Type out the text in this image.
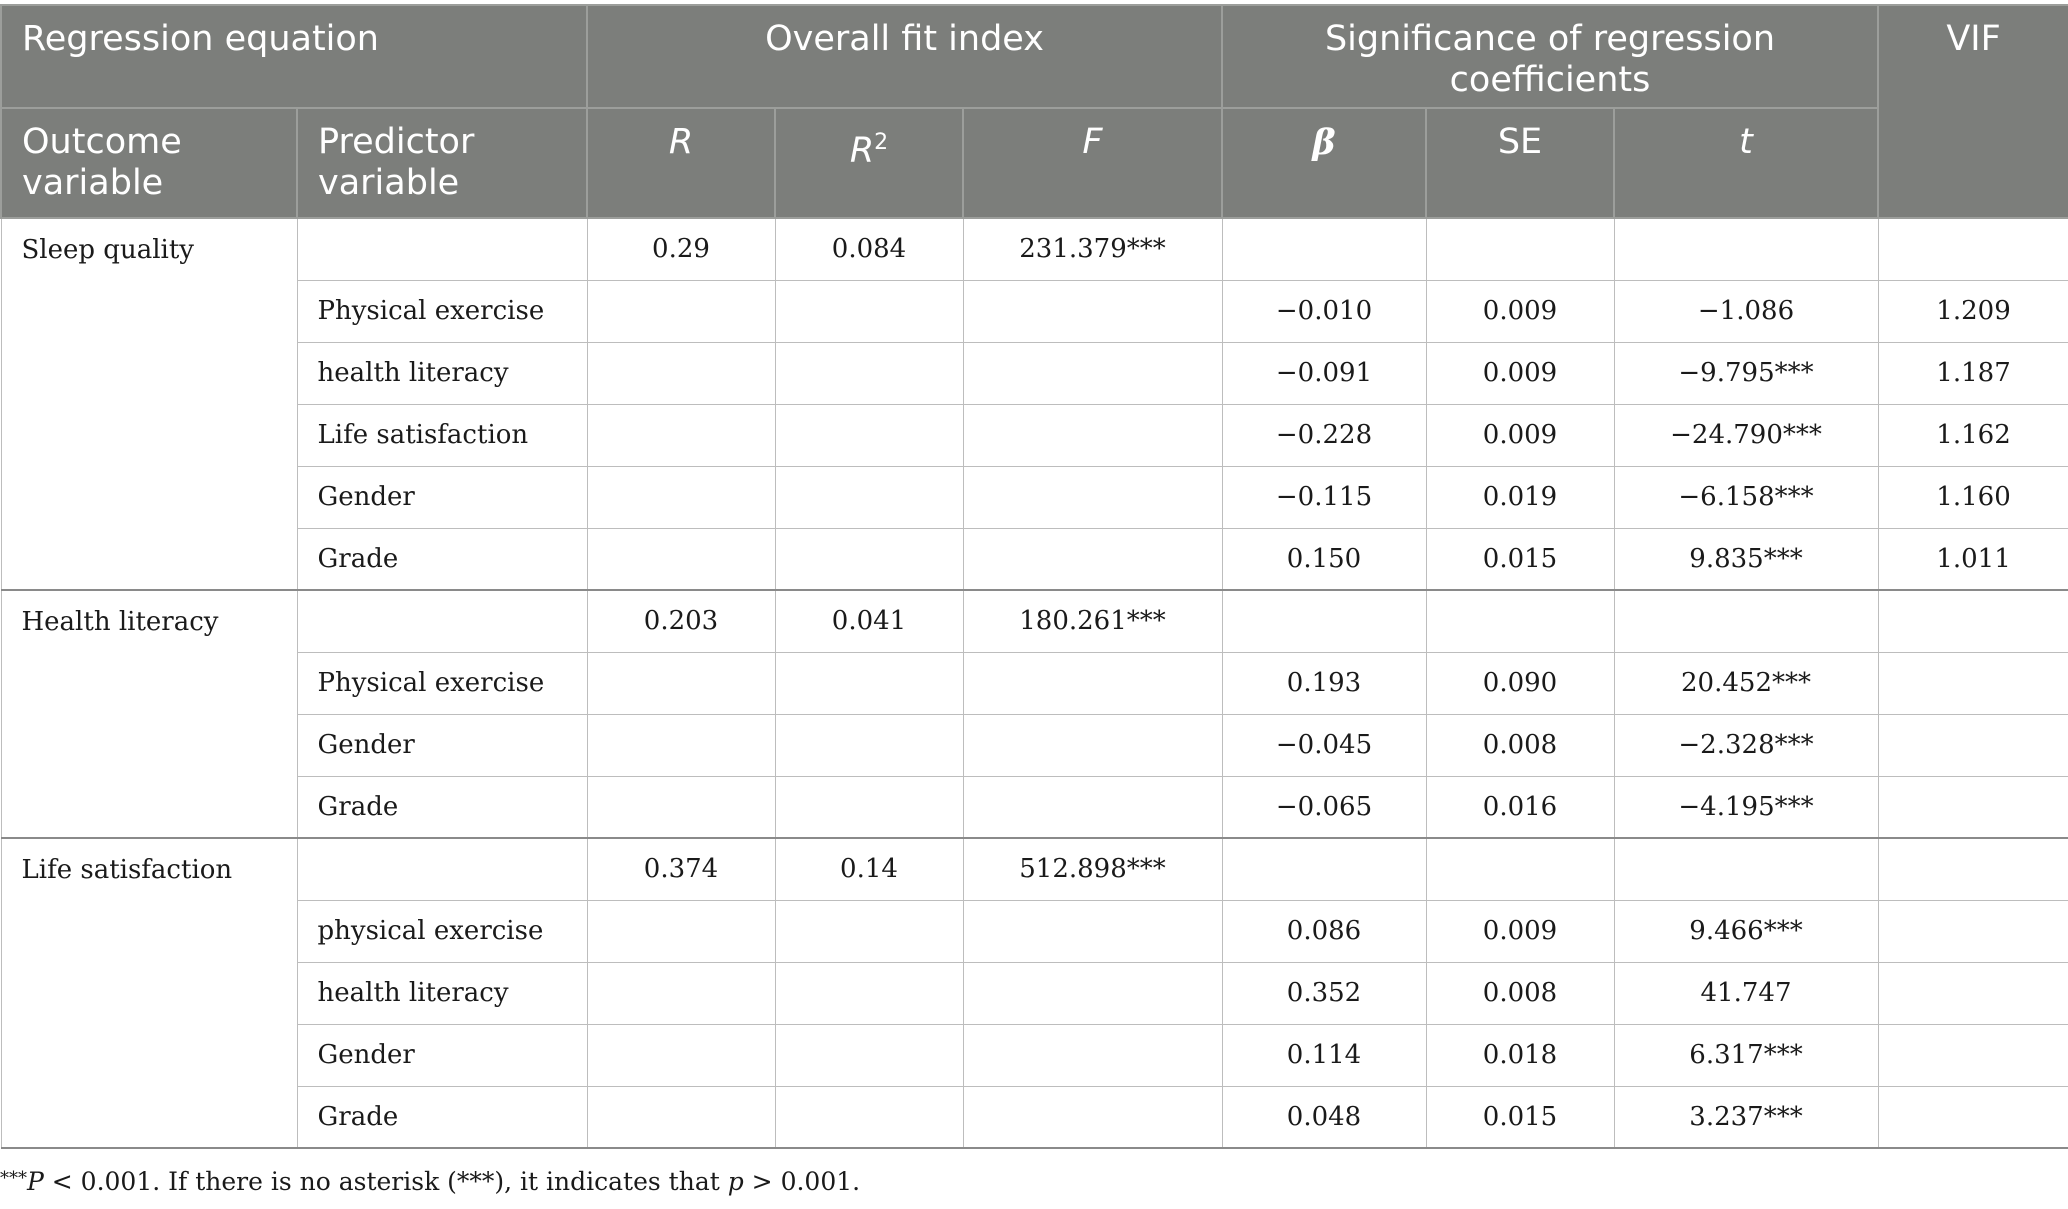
Regression equation		Overall fit index			Significance of regression coefficients			VIF
Outcome variable	Predictor variable	R	$R^2$	F	β	SE	t	
Sleep quality		0.29	0.084	231.379***				
	Physical exercise				−0.010	0.009	−1.086	1.209
	health literacy				−0.091	0.009	−9.795***	1.187
	Life satisfaction				−0.228	0.009	−24.790***	1.162
	Gender				−0.115	0.019	−6.158***	1.160
	Grade				0.150	0.015	9.835***	1.011
Health literacy		0.203	0.041	180.261***				
	Physical exercise				0.193	0.090	20.452***	
	Gender				−0.045	0.008	−2.328***	
	Grade				−0.065	0.016	−4.195***	
Life satisfaction		0.374	0.14	512.898***				
	physical exercise				0.086	0.009	9.466***	
	health literacy				0.352	0.008	41.747	
	Gender				0.114	0.018	6.317***	
	Grade				0.048	0.015	3.237***	
***P < 0.001. If there is no asterisk (***), it indicates that p > 0.001.
